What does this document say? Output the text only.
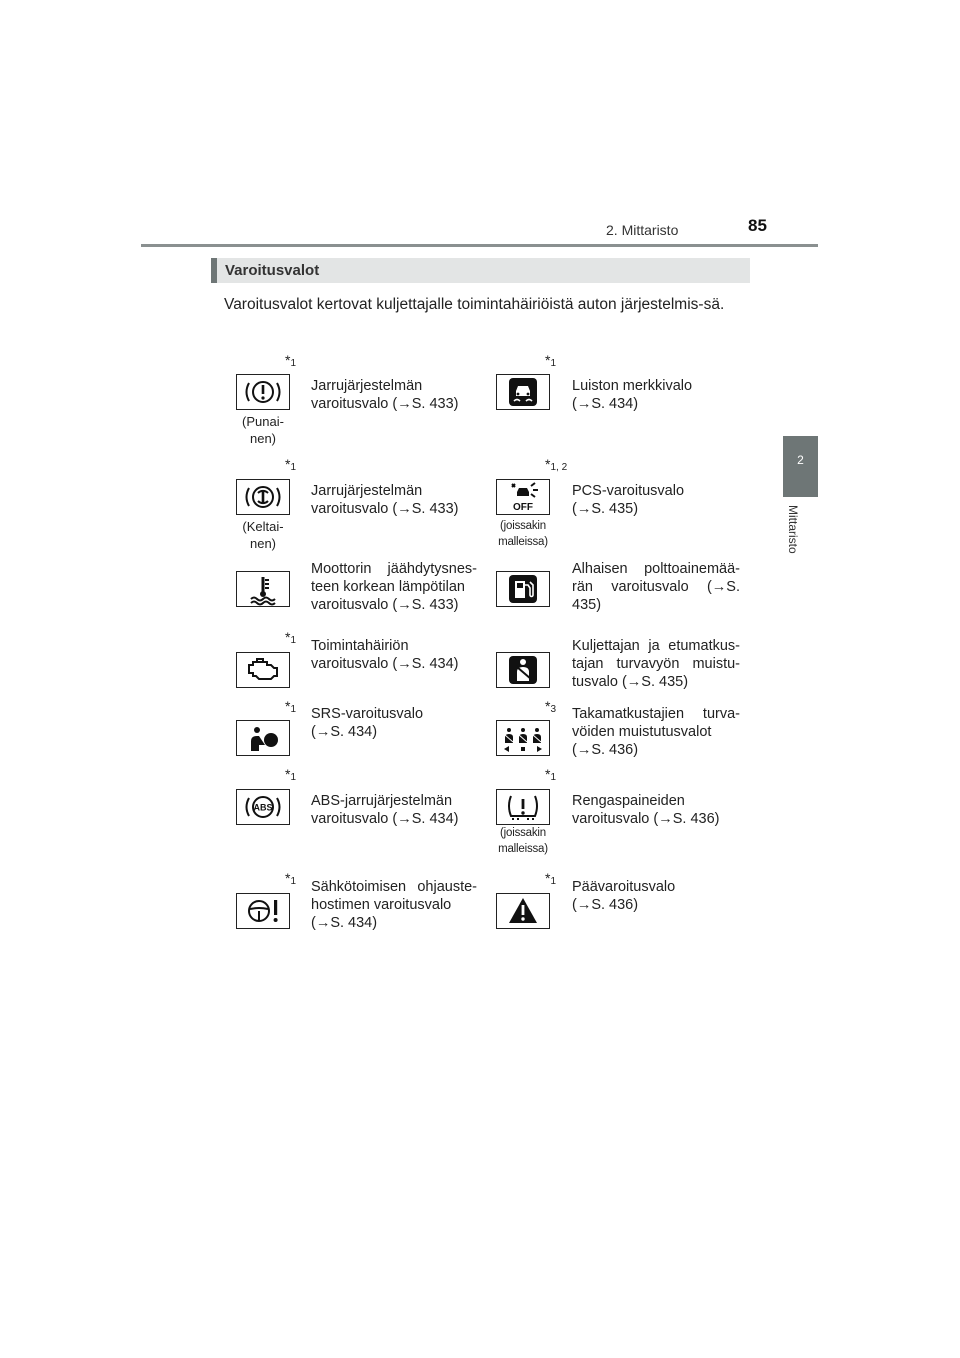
2. Mittaristo	85
2
Mittaristo
Varoitusvalot
Varoitusvalot kertovat kuljettajalle toimintahäiriöistä auton järjestelmis-sä.
$*_1$
(Punai-
nen)
Jarrujärjestelmän
varoitusvalo (→S. 433)
$*_1$
Luiston merkkivalo
(→S. 434)
$*_1$
(Keltai-
nen)
Jarrujärjestelmän
varoitusvalo (→S. 433)
$*_{1, 2}$
OFF
(joissakin
malleissa)
PCS-varoitusvalo
(→S. 435)
Moottorin jäähdytysnes-
teen korkean lämpötilan
varoitusvalo (→S. 433)
Alhaisen polttoainemää-
rän varoitusvalo (→S. 435)
$*_1$ Toimintahäiriön
varoitusvalo (→S. 434)
Kuljettajan ja etumatkus-
tajan turvavyön muistu-
tusvalo (→S. 435)
$*_1$ SRS-varoitusvalo
(→S. 434)
$*_3$ Takamatkustajien turva-
vöiden muistutusvalot
(→S. 436)
$*_1$
ABS	ABS-jarrujärjestelmän
varoitusvalo (→S. 434)
$*_1$
(joissakin
malleissa)
Rengaspaineiden
varoitusvalo (→S. 436)
$*_1$ Sähkötoimisen ohjauste-
hostimen varoitusvalo
(→S. 434)
$*_1$ Päävaroitusvalo
(→S. 436)
